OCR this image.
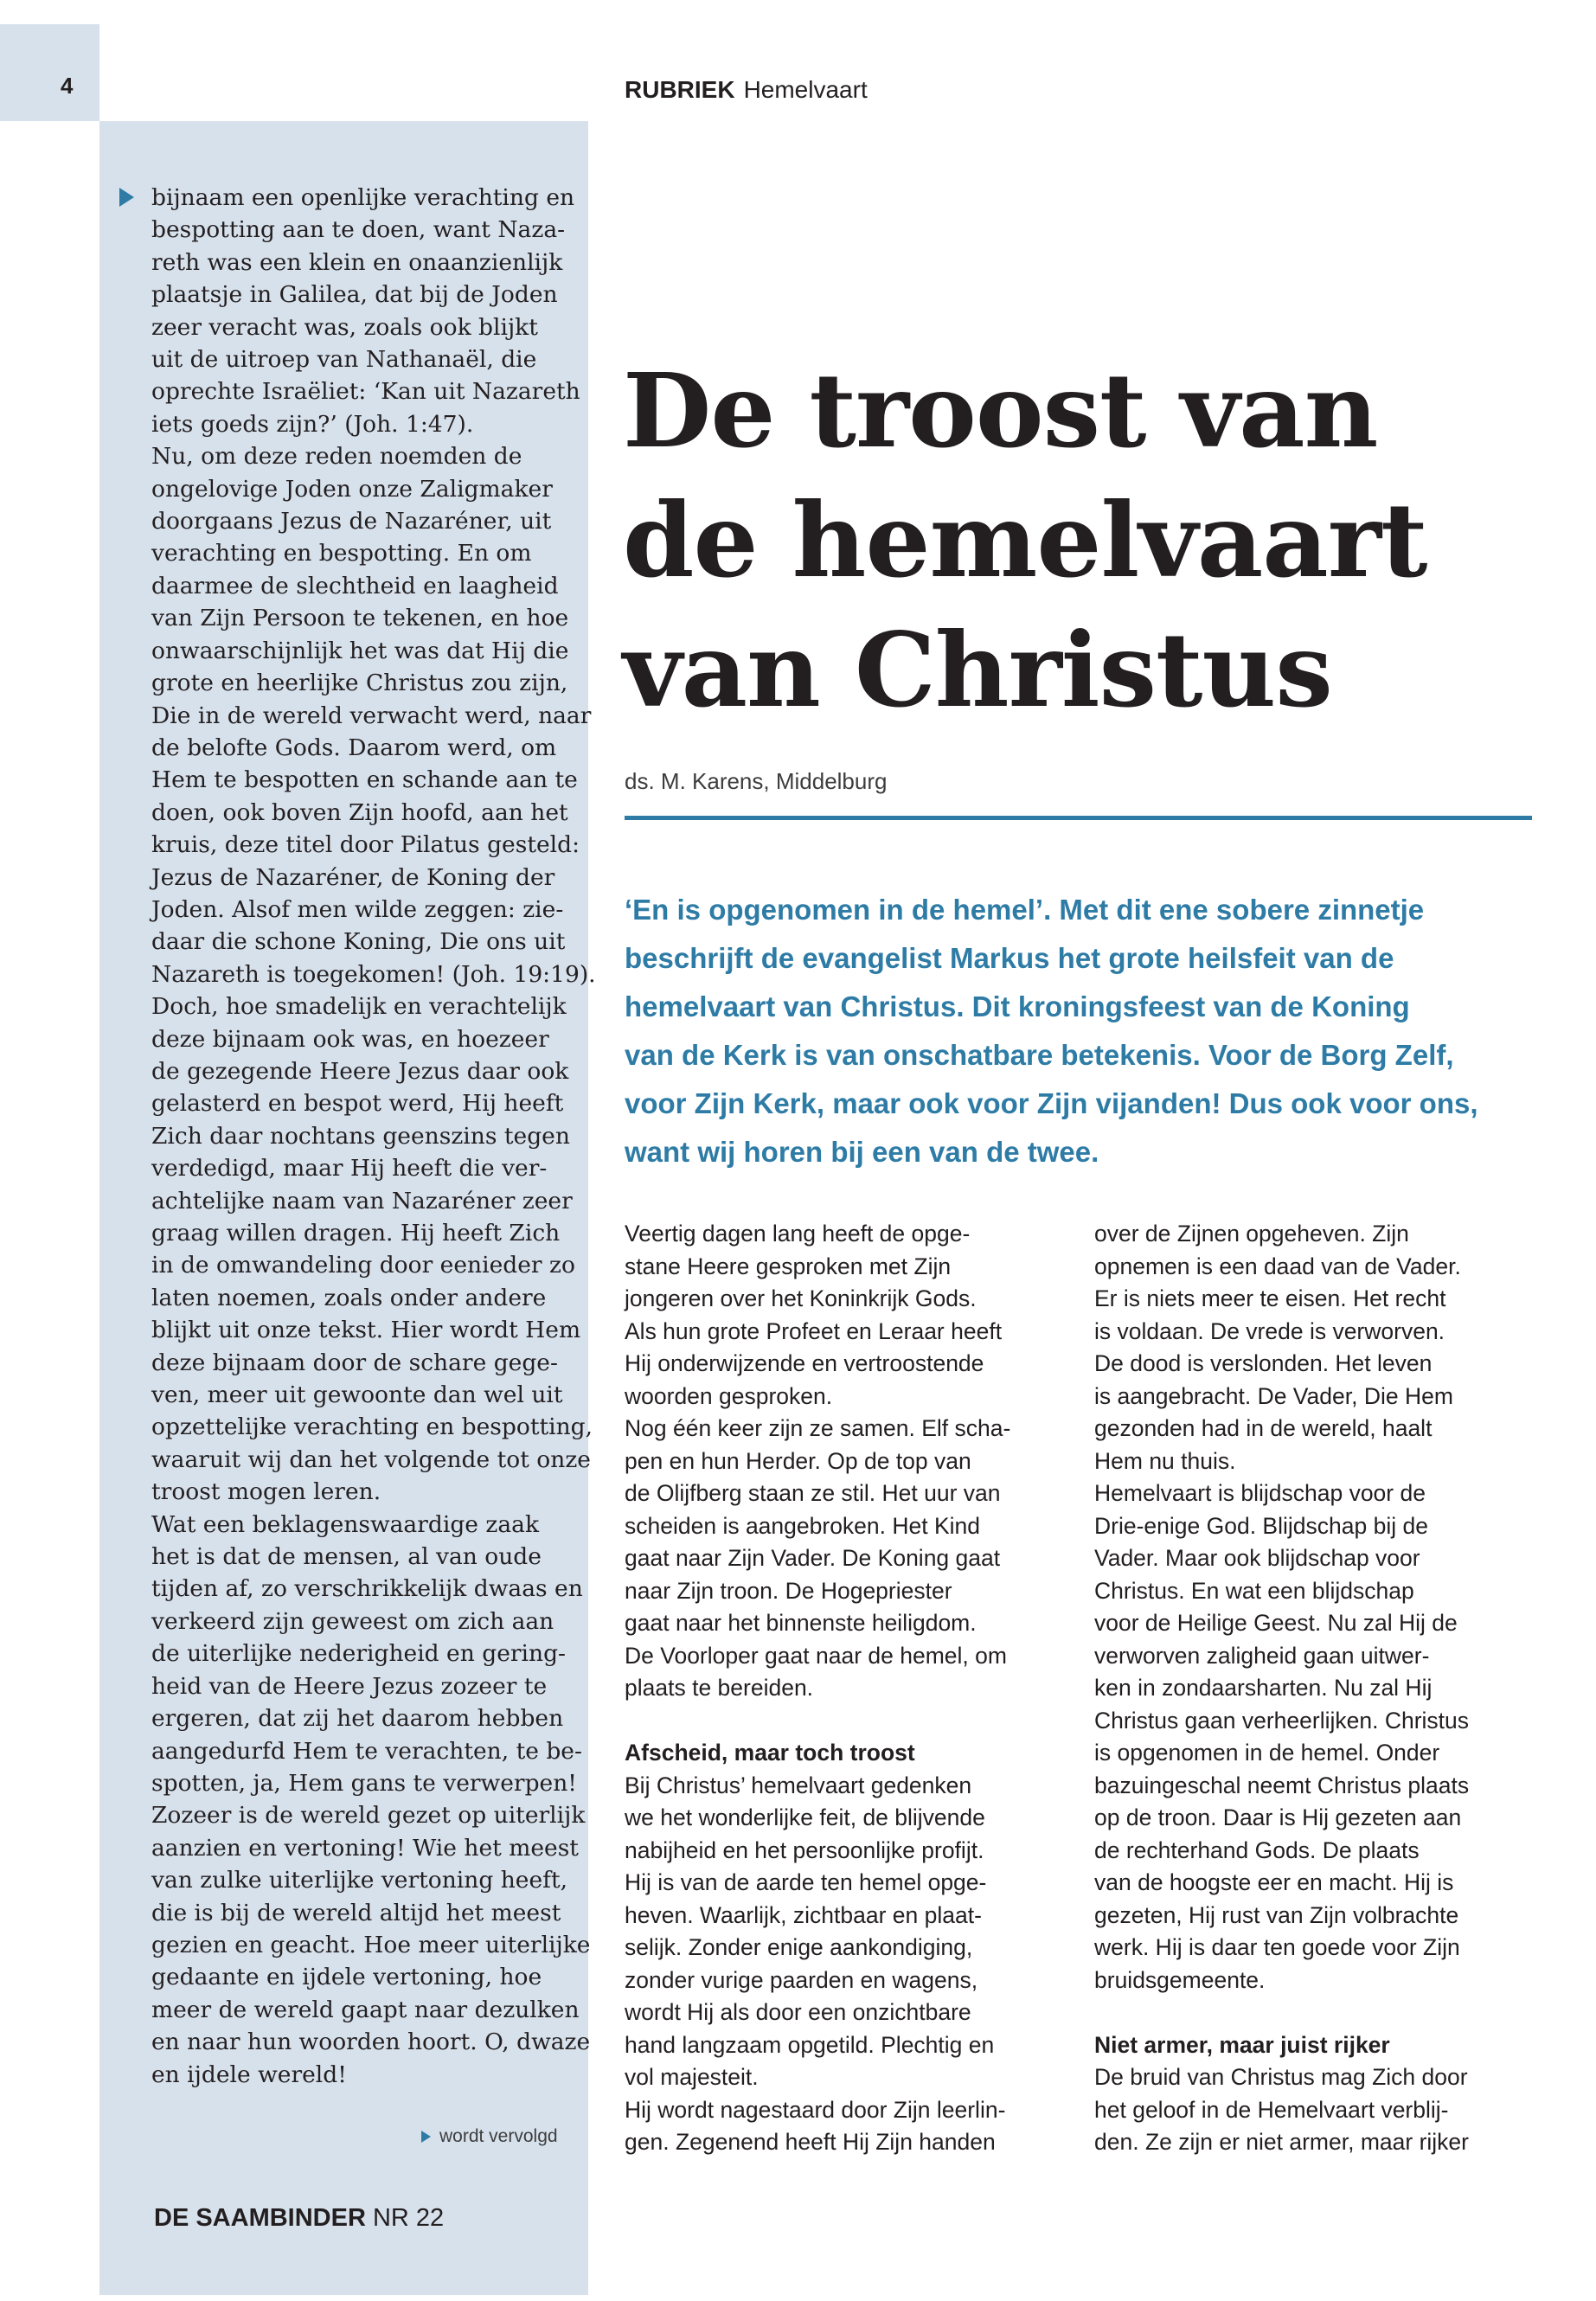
4
bijnaam een openlijke verachting en
bespotting aan te doen, want Naza-
reth was een klein en onaanzienlijk
plaatsje in Galilea, dat bij de Joden
zeer veracht was, zoals ook blijkt
uit de uitroep van Nathanaël, die
oprechte Israëliet: ‘Kan uit Nazareth
iets goeds zijn?’ (Joh. 1:47).
Nu, om deze reden noemden de
ongelovige Joden onze Zaligmaker
doorgaans Jezus de Nazaréner, uit
verachting en bespotting. En om
daarmee de slechtheid en laagheid
van Zijn Persoon te tekenen, en hoe
onwaarschijnlijk het was dat Hij die
grote en heerlijke Christus zou zijn,
Die in de wereld verwacht werd, naar
de belofte Gods. Daarom werd, om
Hem te bespotten en schande aan te
doen, ook boven Zijn hoofd, aan het
kruis, deze titel door Pilatus gesteld:
Jezus de Nazaréner, de Koning der
Joden. Alsof men wilde zeggen: zie-
daar die schone Koning, Die ons uit
Nazareth is toegekomen! (Joh. 19:19).
Doch, hoe smadelijk en verachtelijk
deze bijnaam ook was, en hoezeer
de gezegende Heere Jezus daar ook
gelasterd en bespot werd, Hij heeft
Zich daar nochtans geenszins tegen
verdedigd, maar Hij heeft die ver-
achtelijke naam van Nazaréner zeer
graag willen dragen. Hij heeft Zich
in de omwandeling door eenieder zo
laten noemen, zoals onder andere
blijkt uit onze tekst. Hier wordt Hem
deze bijnaam door de schare gege-
ven, meer uit gewoonte dan wel uit
opzettelijke verachting en bespotting,
waaruit wij dan het volgende tot onze
troost mogen leren.
Wat een beklagenswaardige zaak
het is dat de mensen, al van oude
tijden af, zo verschrikkelijk dwaas en
verkeerd zijn geweest om zich aan
de uiterlijke nederigheid en gering-
heid van de Heere Jezus zozeer te
ergeren, dat zij het daarom hebben
aangedurfd Hem te verachten, te be-
spotten, ja, Hem gans te verwerpen!
Zozeer is de wereld gezet op uiterlijk
aanzien en vertoning! Wie het meest
van zulke uiterlijke vertoning heeft,
die is bij de wereld altijd het meest
gezien en geacht. Hoe meer uiterlijke
gedaante en ijdele vertoning, hoe
meer de wereld gaapt naar dezulken
en naar hun woorden hoort. O, dwaze
en ijdele wereld!
wordt vervolgd
DE SAAMBINDER NR 22
RUBRIEK Hemelvaart
De troost van
de hemelvaart
van Christus
ds. M. Karens, Middelburg
‘En is opgenomen in de hemel’. Met dit ene sobere zinnetje
beschrijft de evangelist Markus het grote heilsfeit van de
hemelvaart van Christus. Dit kroningsfeest van de Koning
van de Kerk is van onschatbare betekenis. Voor de Borg Zelf,
voor Zijn Kerk, maar ook voor Zijn vijanden! Dus ook voor ons,
want wij horen bij een van de twee.
Veertig dagen lang heeft de opge-
stane Heere gesproken met Zijn
jongeren over het Koninkrijk Gods.
Als hun grote Profeet en Leraar heeft
Hij onderwijzende en vertroostende
woorden gesproken.
Nog één keer zijn ze samen. Elf scha-
pen en hun Herder. Op de top van
de Olijfberg staan ze stil. Het uur van
scheiden is aangebroken. Het Kind
gaat naar Zijn Vader. De Koning gaat
naar Zijn troon. De Hogepriester
gaat naar het binnenste heiligdom.
De Voorloper gaat naar de hemel, om
plaats te bereiden.
Afscheid, maar toch troost
Bij Christus’ hemelvaart gedenken
we het wonderlijke feit, de blijvende
nabijheid en het persoonlijke profijt.
Hij is van de aarde ten hemel opge-
heven. Waarlijk, zichtbaar en plaat-
selijk. Zonder enige aankondiging,
zonder vurige paarden en wagens,
wordt Hij als door een onzichtbare
hand langzaam opgetild. Plechtig en
vol majesteit.
Hij wordt nagestaard door Zijn leerlin-
gen. Zegenend heeft Hij Zijn handen
over de Zijnen opgeheven. Zijn
opnemen is een daad van de Vader.
Er is niets meer te eisen. Het recht
is voldaan. De vrede is verworven.
De dood is verslonden. Het leven
is aangebracht. De Vader, Die Hem
gezonden had in de wereld, haalt
Hem nu thuis.
Hemelvaart is blijdschap voor de
Drie-enige God. Blijdschap bij de
Vader. Maar ook blijdschap voor
Christus. En wat een blijdschap
voor de Heilige Geest. Nu zal Hij de
verworven zaligheid gaan uitwer-
ken in zondaarsharten. Nu zal Hij
Christus gaan verheerlijken. Christus
is opgenomen in de hemel. Onder
bazuingeschal neemt Christus plaats
op de troon. Daar is Hij gezeten aan
de rechterhand Gods. De plaats
van de hoogste eer en macht. Hij is
gezeten, Hij rust van Zijn volbrachte
werk. Hij is daar ten goede voor Zijn
bruidsgemeente.
Niet armer, maar juist rijker
De bruid van Christus mag Zich door
het geloof in de Hemelvaart verblij-
den. Ze zijn er niet armer, maar rijker
